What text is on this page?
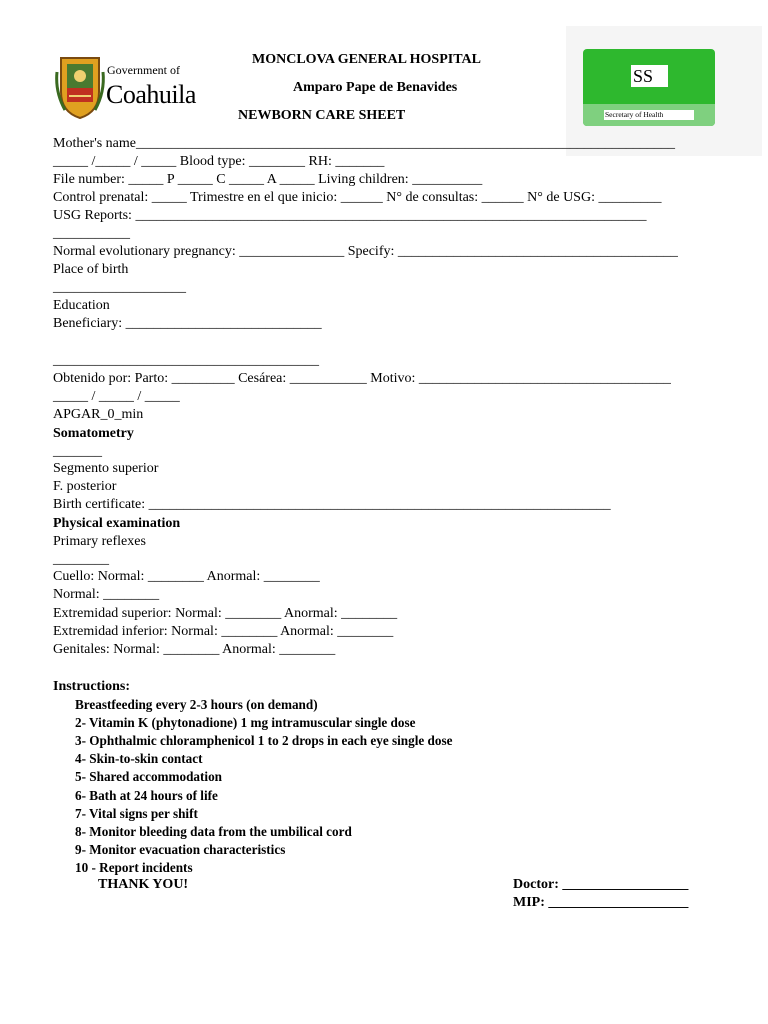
Government of
Coahuila
MONCLOVA GENERAL HOSPITAL
Amparo Pape de Benavides
NEWBORN CARE SHEET
SS
Secretary of Health
Mother's name_____________________________________________________________________________
_____ /_____ / _____ Blood type: ________ RH: _______
File number: _____ P _____ C _____ A _____ Living children: __________
Control prenatal: _____ Trimestre en el que inicio: ______ N° de consultas: ______ N° de USG: _________
USG Reports: _________________________________________________________________________
___________
Normal evolutionary pregnancy: _______________ Specify: ________________________________________
Place of birth
___________________
Education
Beneficiary: ____________________________
______________________________________
Obtenido por: Parto: _________ Cesárea: ___________ Motivo: ____________________________________
_____ / _____ / _____
APGAR_0_min
Somatometry
_______
Segmento superior
F. posterior
Birth certificate: __________________________________________________________________
Physical examination
Primary reflexes
________
Cuello: Normal: ________ Anormal: ________
Normal: ________
Extremidad superior: Normal: ________ Anormal: ________
Extremidad inferior: Normal: ________ Anormal: ________
Genitales: Normal: ________ Anormal: ________
Instructions:
Breastfeeding every 2-3 hours (on demand)
2- Vitamin K (phytonadione) 1 mg intramuscular single dose
3- Ophthalmic chloramphenicol 1 to 2 drops in each eye single dose
4- Skin-to-skin contact
5- Shared accommodation
6- Bath at 24 hours of life
7- Vital signs per shift
8- Monitor bleeding data from the umbilical cord
9- Monitor evacuation characteristics
10 - Report incidents
THANK YOU!	Doctor: __________________
MIP: ____________________
